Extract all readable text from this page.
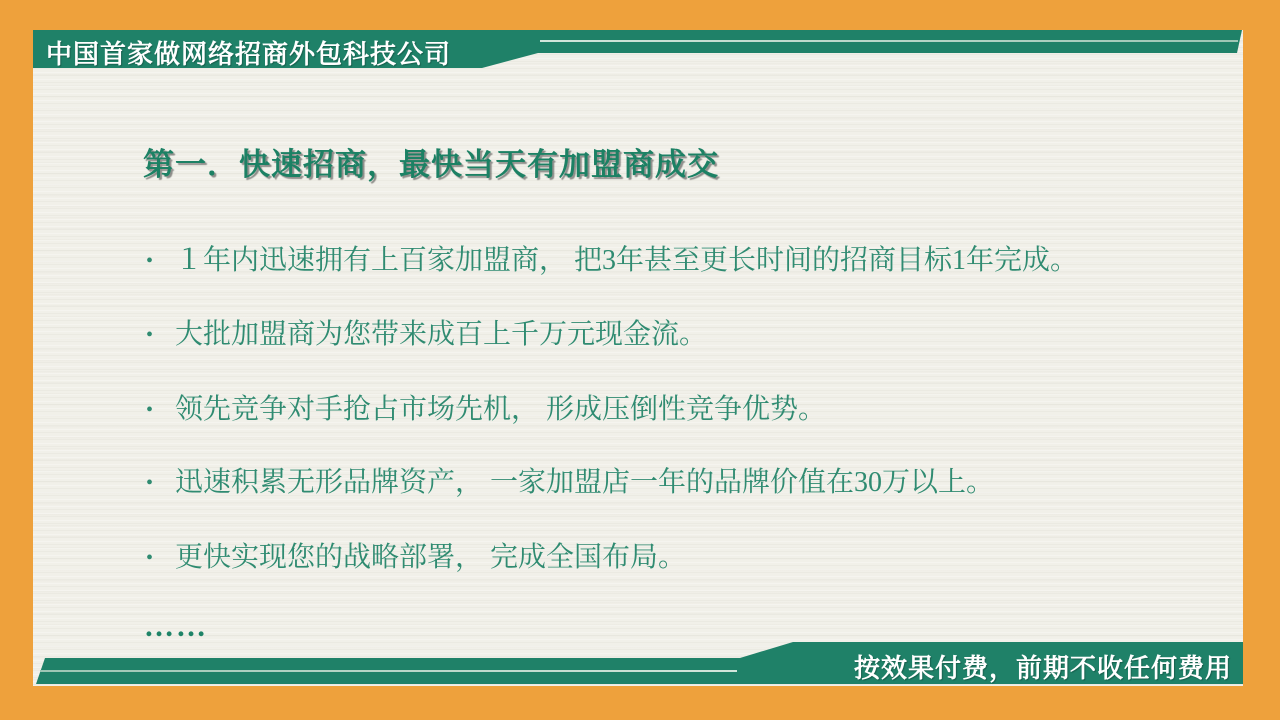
中国首家做网络招商外包科技公司
第一．快速招商，最快当天有加盟商成交
• １年内迅速拥有上百家加盟商， 把3年甚至更长时间的招商目标1年完成。
• 大批加盟商为您带来成百上千万元现金流。
• 领先竞争对手抢占市场先机， 形成压倒性竞争优势。
• 迅速积累无形品牌资产， 一家加盟店一年的品牌价值在30万以上。
• 更快实现您的战略部署， 完成全国布局。
……
按效果付费，前期不收任何费用
